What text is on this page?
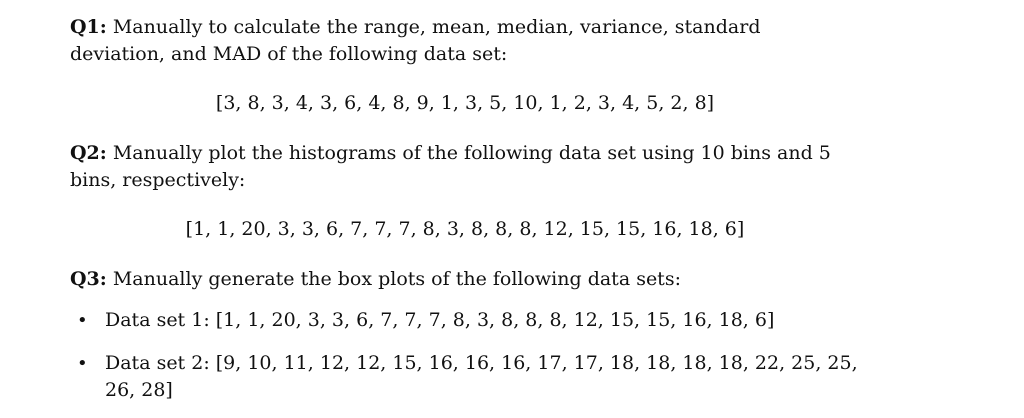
Q1: Manually to calculate the range, mean, median, variance, standard deviation, and MAD of the following data set:
[3, 8, 3, 4, 3, 6, 4, 8, 9, 1, 3, 5, 10, 1, 2, 3, 4, 5, 2, 8]
Q2: Manually plot the histograms of the following data set using 10 bins and 5 bins, respectively:
[1, 1, 20, 3, 3, 6, 7, 7, 7, 8, 3, 8, 8, 8, 12, 15, 15, 16, 18, 6]
Q3: Manually generate the box plots of the following data sets:
• Data set 1: [1, 1, 20, 3, 3, 6, 7, 7, 7, 8, 3, 8, 8, 8, 12, 15, 15, 16, 18, 6]
• Data set 2: [9, 10, 11, 12, 12, 15, 16, 16, 16, 17, 17, 18, 18, 18, 18, 22, 25, 25, 26, 28]
